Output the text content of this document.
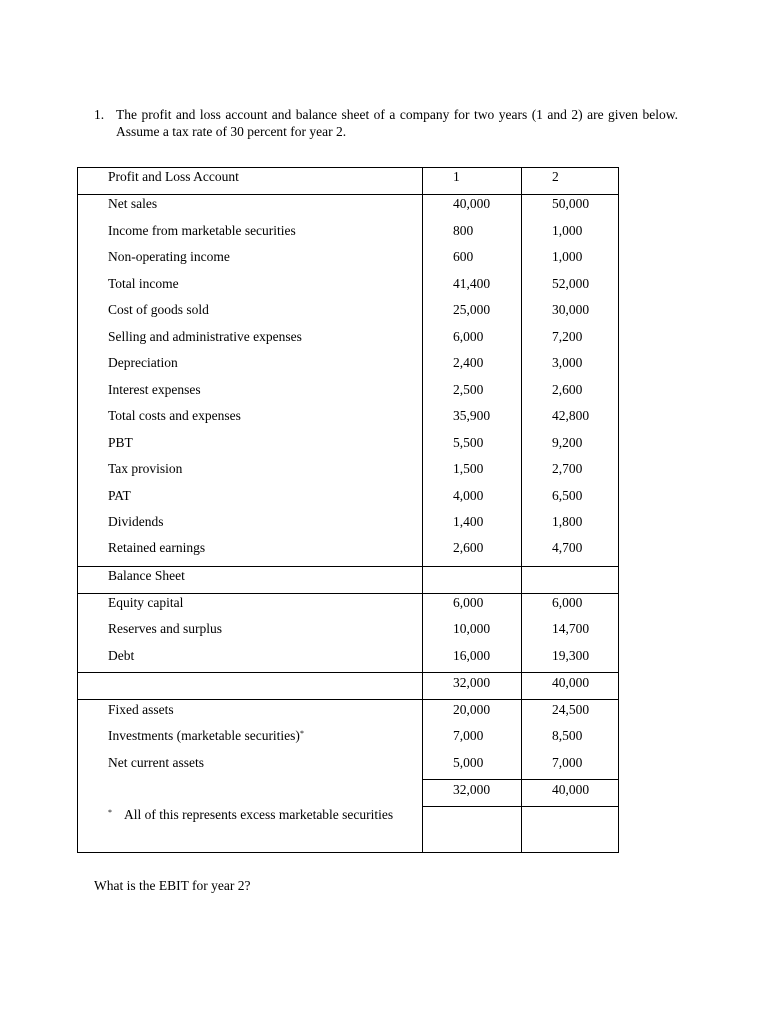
1. The profit and loss account and balance sheet of a company for two years (1 and 2) are given below. Assume a tax rate of 30 percent for year 2.
Profit and Loss Account	1	2
Net sales	40,000	50,000
Income from marketable securities	800	1,000
Non-operating income	600	1,000
Total income	41,400	52,000
Cost of goods sold	25,000	30,000
Selling and administrative expenses	6,000	7,200
Depreciation	2,400	3,000
Interest expenses	2,500	2,600
Total costs and expenses	35,900	42,800
PBT	5,500	9,200
Tax provision	1,500	2,700
PAT	4,000	6,500
Dividends	1,400	1,800
Retained earnings	2,600	4,700
Balance Sheet
Equity capital	6,000	6,000
Reserves and surplus	10,000	14,700
Debt	16,000	19,300
32,000	40,000
Fixed assets	20,000	24,500
Investments (marketable securities)*	7,000	8,500
Net current assets	5,000	7,000
32,000	40,000
* All of this represents excess marketable securities
What is the EBIT for year 2?
